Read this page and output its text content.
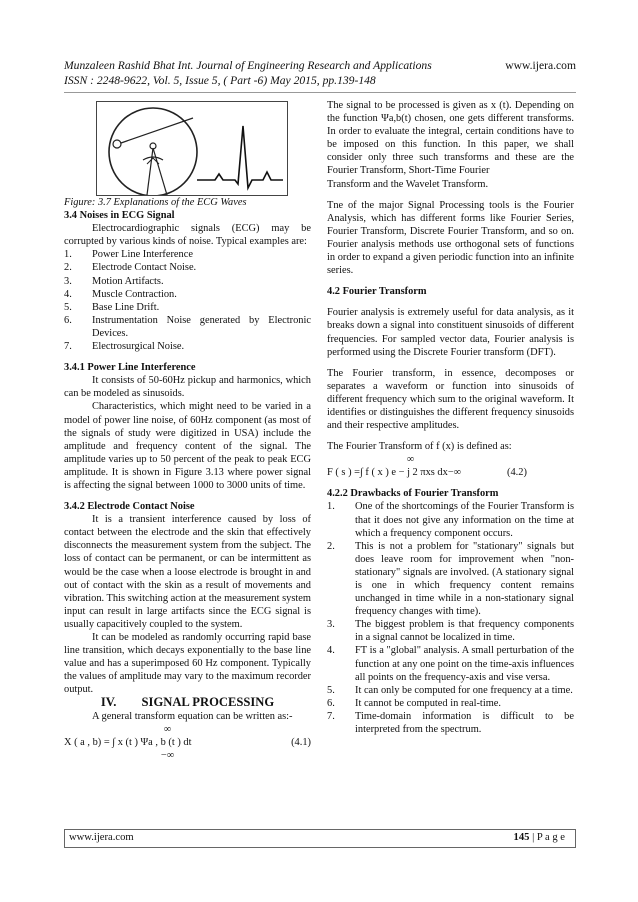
Munzaleen Rashid Bhat Int. Journal of Engineering Research and Applications	www.ijera.com
ISSN : 2248-9622, Vol. 5, Issue 5, ( Part -6) May 2015, pp.139-148

Figure: 3.7 Explanations of the ECG Waves

3.4 Noises in ECG Signal

Electrocardiographic signals (ECG) may be corrupted by various kinds of noise. Typical examples are:

1. Power Line Interference
2. Electrode Contact Noise.
3. Motion Artifacts.
4. Muscle Contraction.
5. Base Line Drift.
6. Instrumentation Noise generated by Electronic Devices.
7. Electrosurgical Noise.

3.4.1 Power Line Interference

It consists of 50-60Hz pickup and harmonics, which can be modeled as sinusoids.

Characteristics, which might need to be varied in a model of power line noise, of 60Hz component (as most of the signals of study were digitized in USA) include the amplitude and frequency content of the signal. The amplitude varies up to 50 percent of the peak to peak ECG amplitude. It is shown in Figure 3.13 where power signal is affecting the signal between 1000 to 3000 units of time.

3.4.2 Electrode Contact Noise

It is a transient interference caused by loss of contact between the electrode and the skin that effectively disconnects the measurement system from the subject. The loss of contact can be permanent, or can be intermittent as would be the case when a loose electrode is brought in and out of contact with the skin as a result of movements and vibration. This switching action at the measurement system input can result in large artifacts since the ECG signal is usually capacitively coupled to the system.

It can be modeled as randomly occurring rapid base line transition, which decays exponentially to the base line value and has a superimposed 60 Hz component. Typically the values of amplitude may vary to the maximum recorder output.

IV.        SIGNAL PROCESSING

A general transform equation can be written as:-

∞
X ( a , b) = ∫ x (t ) Ψa , b (t ) dt	(4.1)
−∞

The signal to be processed is given as x (t). Depending on the function Ψa,b(t) chosen, one gets different transforms. In order to evaluate the integral, certain conditions have to be imposed on this function. In this paper, we shall consider only three such transforms and these are the Fourier Transform, Short-Time Fourier

Transform and the Wavelet Transform.

Tne of the major Signal Processing tools is the Fourier Analysis, which has different forms like Fourier Series, Fourier Transform, Discrete Fourier Transform, and so on. Fourier analysis methods use orthogonal sets of functions in order to expand a given periodic function into an infinite series.

4.2 Fourier Transform

Fourier analysis is extremely useful for data analysis, as it breaks down a signal into constituent sinusoids of different frequencies. For sampled vector data, Fourier analysis is performed using the Discrete Fourier transform (DFT).

The Fourier transform, in essence, decomposes or separates a waveform or function into sinusoids of different frequency which sum to the original waveform. It identifies or distinguishes the different frequency sinusoids and their respective amplitudes.

The Fourier Transform of f (x) is defined as:

∞
F ( s ) =∫ f ( x ) e − j 2 πxs dx−∞	(4.2)

4.2.2 Drawbacks of Fourier Transform

1. One of the shortcomings of the Fourier Transform is that it does not give any information on the time at which a frequency component occurs.
2. This is not a problem for "stationary" signals but does leave room for improvement when "non-stationary" signals are involved. (A stationary signal is one in which frequency content remains unchanged in time while in a non-stationary signal frequency changes with time).
3. The biggest problem is that frequency components in a signal cannot be localized in time.
4. FT is a "global" analysis. A small perturbation of the function at any one point on the time-axis influences all points on the frequency-axis and vise versa.
5. It can only be computed for one frequency at a time.
6. It cannot be computed in real-time.
7. Time-domain information is difficult to be interpreted from the spectrum.
www.ijera.com	145 | P a g e
